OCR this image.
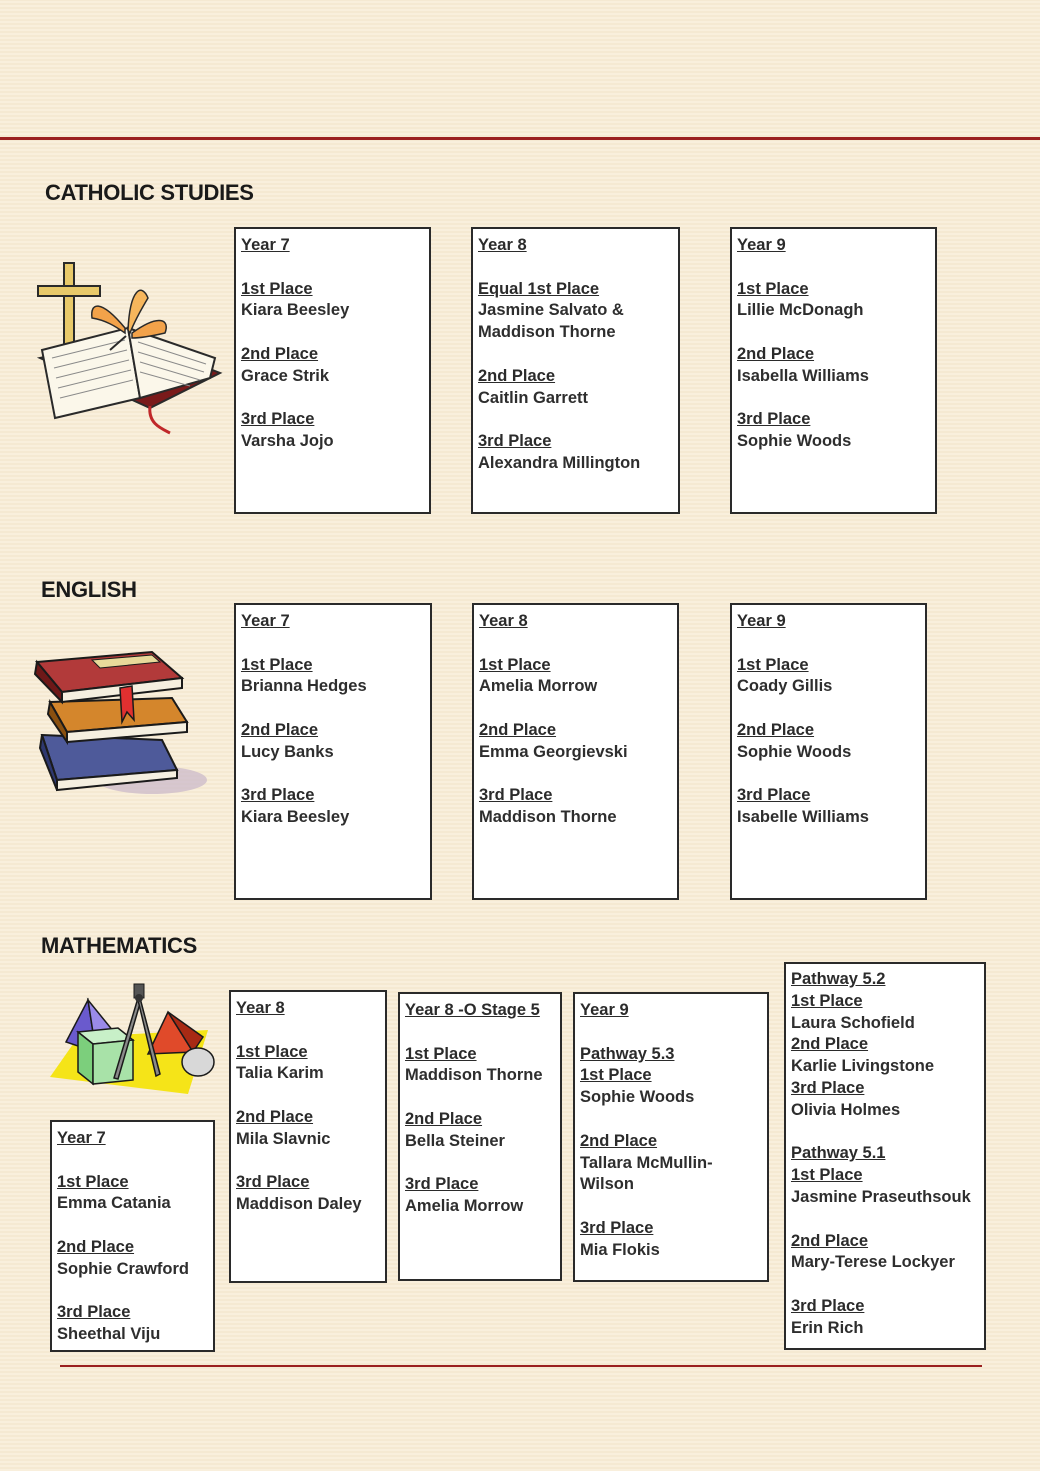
CATHOLIC STUDIES
Year 7
1st Place
Kiara Beesley
2nd Place
Grace Strik
3rd Place
Varsha Jojo
Year 8
Equal 1st Place
Jasmine Salvato &
Maddison Thorne
2nd Place
Caitlin Garrett
3rd Place
Alexandra Millington
Year 9
1st Place
Lillie McDonagh
2nd Place
Isabella Williams
3rd Place
Sophie Woods
ENGLISH
Year 7
1st Place
Brianna Hedges
2nd Place
Lucy Banks
3rd Place
Kiara Beesley
Year 8
1st Place
Amelia Morrow
2nd Place
Emma Georgievski
3rd Place
Maddison Thorne
Year 9
1st Place
Coady Gillis
2nd Place
Sophie Woods
3rd Place
Isabelle Williams
MATHEMATICS
Year 7
1st Place
Emma Catania
2nd Place
Sophie Crawford
3rd Place
Sheethal Viju
Year 8
1st Place
Talia Karim
2nd Place
Mila Slavnic
3rd Place
Maddison Daley
Year 8 -O Stage 5
1st Place
Maddison Thorne
2nd Place
Bella Steiner
3rd Place
Amelia Morrow
Year 9
Pathway 5.3
1st Place
Sophie Woods
2nd Place
Tallara McMullin-
Wilson
3rd Place
Mia Flokis
Pathway 5.2
1st Place
Laura Schofield
2nd Place
Karlie Livingstone
3rd Place
Olivia Holmes
Pathway 5.1
1st Place
Jasmine Praseuthsouk
2nd Place
Mary-Terese Lockyer
3rd Place
Erin Rich
